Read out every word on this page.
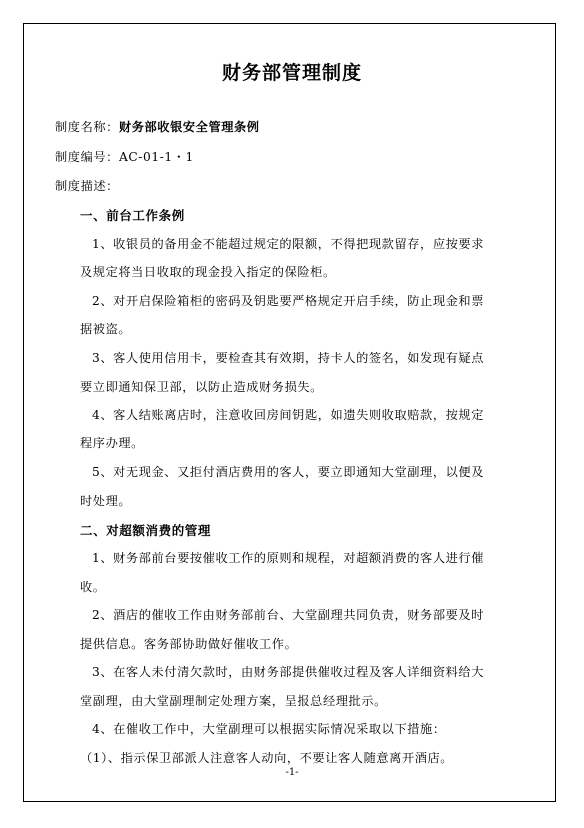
财务部管理制度
制度名称：财务部收银安全管理条例
制度编号：AC-01-1・1
制度描述：
一、前台工作条例
1、收银员的备用金不能超过规定的限额，不得把现款留存，应按要求
及规定将当日收取的现金投入指定的保险柜。
2、对开启保险箱柜的密码及钥匙要严格规定开启手续，防止现金和票
据被盗。
3、客人使用信用卡，要检查其有效期，持卡人的签名，如发现有疑点
要立即通知保卫部，以防止造成财务损失。
4、客人结账离店时，注意收回房间钥匙，如遗失则收取赔款，按规定
程序办理。
5、对无现金、又拒付酒店费用的客人，要立即通知大堂副理，以便及
时处理。
二、对超额消费的管理
1、财务部前台要按催收工作的原则和规程，对超额消费的客人进行催
收。
2、酒店的催收工作由财务部前台、大堂副理共同负责，财务部要及时
提供信息。客务部协助做好催收工作。
3、在客人未付清欠款时，由财务部提供催收过程及客人详细资料给大
堂副理，由大堂副理制定处理方案，呈报总经理批示。
4、在催收工作中，大堂副理可以根据实际情况采取以下措施：
（1）、指示保卫部派人注意客人动向，不要让客人随意离开酒店。
-1-
